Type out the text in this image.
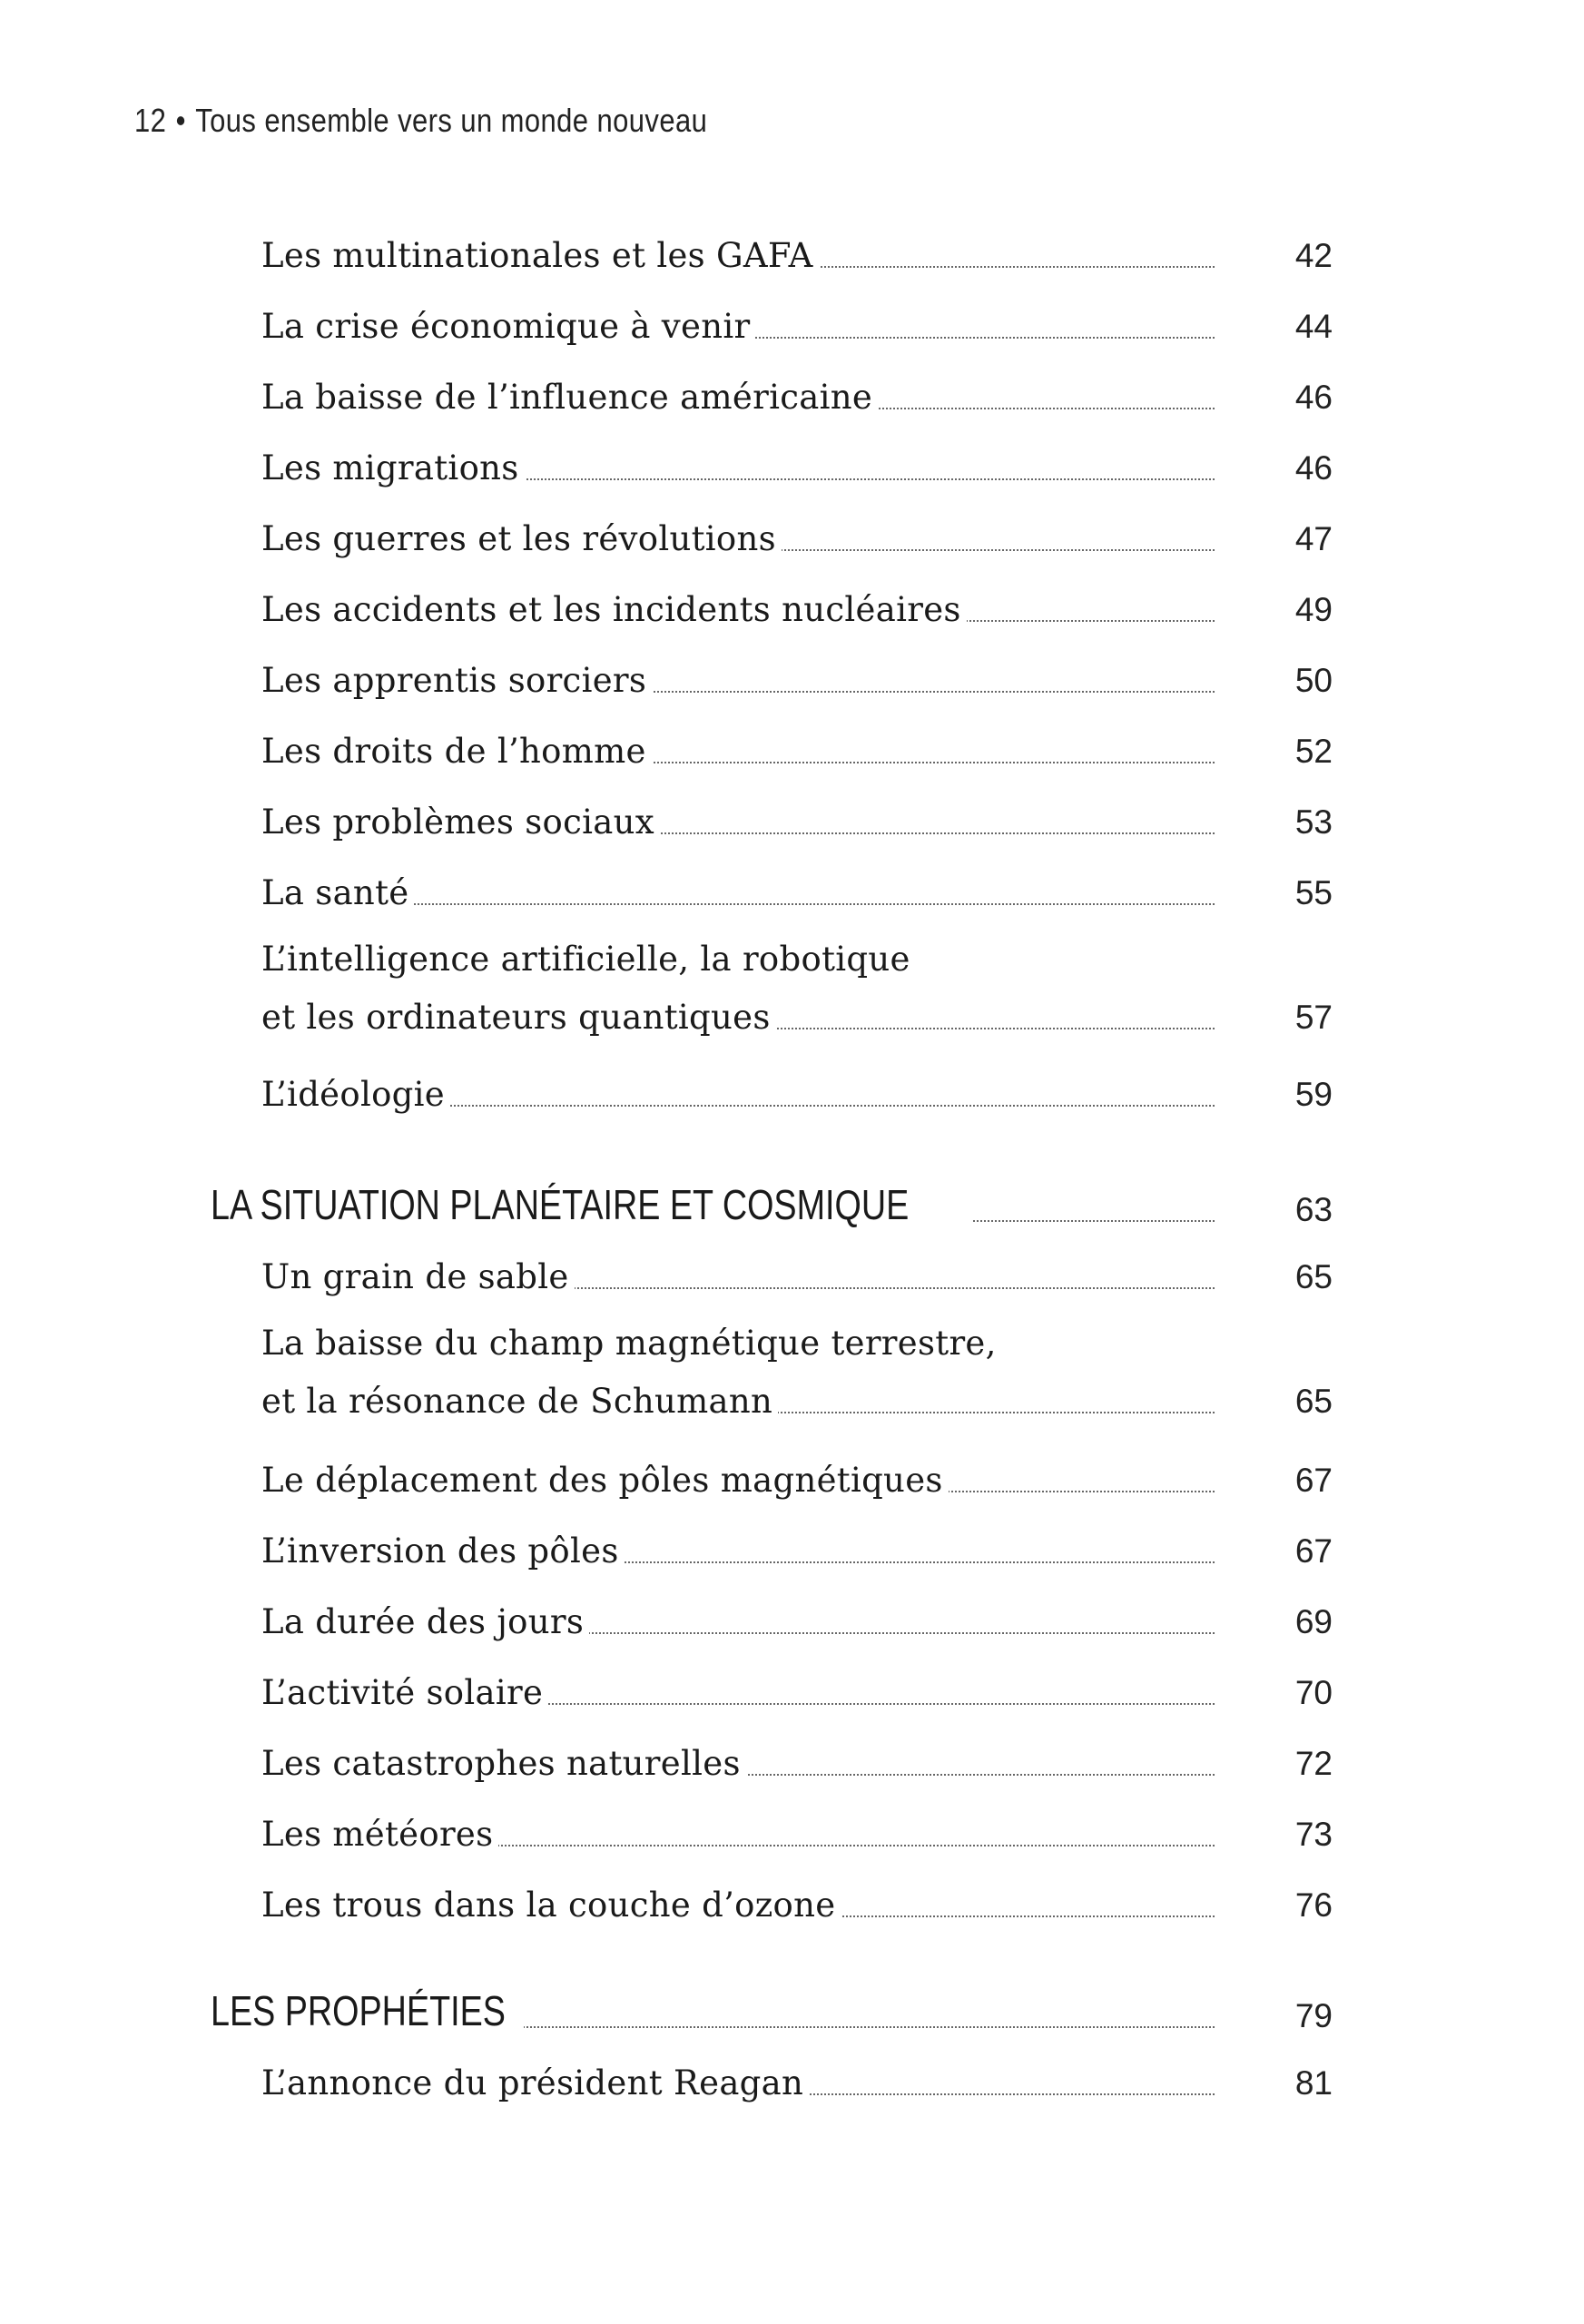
12 • Tous ensemble vers un monde nouveau
Les multinationales et les GAFA	42
La crise économique à venir	44
La baisse de l’influence américaine	46
Les migrations	46
Les guerres et les révolutions	47
Les accidents et les incidents nucléaires	49
Les apprentis sorciers	50
Les droits de l’homme	52
Les problèmes sociaux	53
La santé	55
L’intelligence artificielle, la robotique
et les ordinateurs quantiques	57
L’idéologie	59
LA SITUATION PLANÉTAIRE ET COSMIQUE	63
Un grain de sable	65
La baisse du champ magnétique terrestre,
et la résonance de Schumann	65
Le déplacement des pôles magnétiques	67
L’inversion des pôles	67
La durée des jours	69
L’activité solaire	70
Les catastrophes naturelles	72
Les météores	73
Les trous dans la couche d’ozone	76
LES PROPHÉTIES	79
L’annonce du président Reagan	81
